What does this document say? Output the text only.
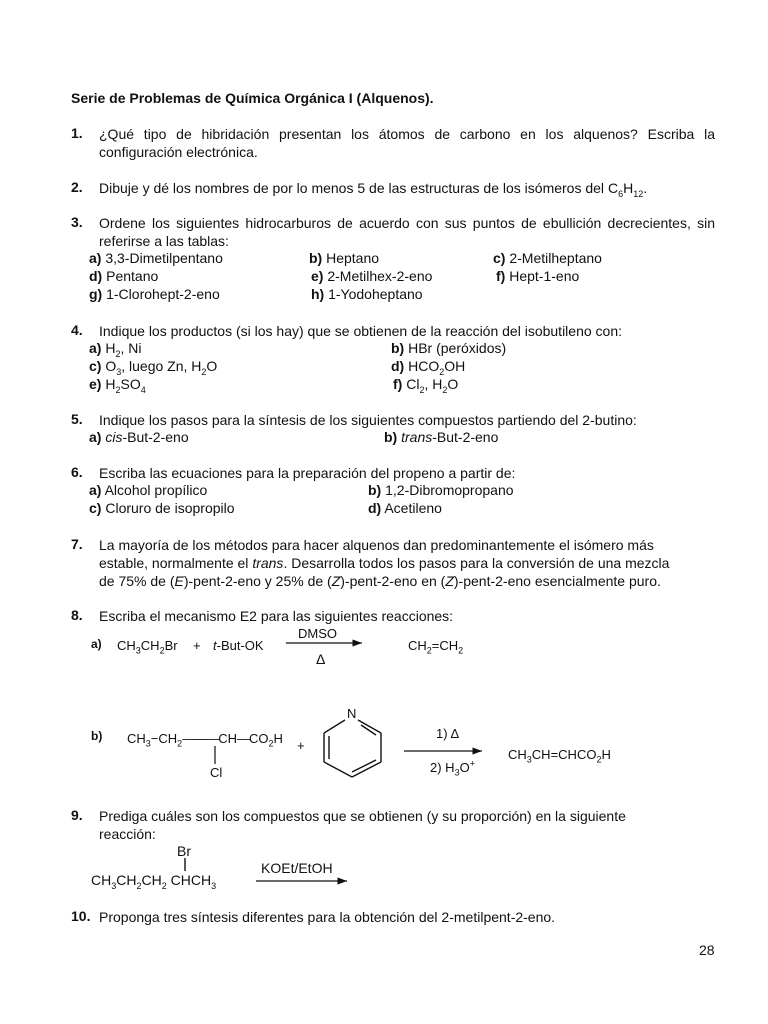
Serie de Problemas de Química Orgánica I (Alquenos).
1. ¿Qué tipo de hibridación presentan los átomos de carbono en los alquenos? Escriba la configuración electrónica.
2. Dibuje y dé los nombres de por lo menos 5 de las estructuras de los isómeros del $C_6H_{12}$.
3. Ordene los siguientes hidrocarburos de acuerdo con sus puntos de ebullición decrecientes, sin referirse a las tablas:
a) 3,3-Dimetilpentano	b) Heptano	c) 2-Metilheptano
d) Pentano	e) 2-Metilhex-2-eno	f) Hept-1-eno
g) 1-Clorohept-2-eno	h) 1-Yodoheptano
4. Indique los productos (si los hay) que se obtienen de la reacción del isobutileno con:
a) $H_2$, Ni	b) HBr (peróxidos)
c) $O_3$, luego Zn, $H_2O$	d) $HCO_2OH$
e) $H_2SO_4$	f) $Cl_2$, $H_2O$
5. Indique los pasos para la síntesis de los siguientes compuestos partiendo del 2-butino:
a) cis-But-2-eno	b) trans-But-2-eno
6. Escriba las ecuaciones para la preparación del propeno a partir de:
a) Alcohol propílico	b) 1,2-Dibromopropano
c) Cloruro de isopropilo	d) Acetileno
7. La mayoría de los métodos para hacer alquenos dan predominantemente el isómero más
estable, normalmente el trans. Desarrolla todos los pasos para la conversión de una mezcla
de 75% de (E)-pent-2-eno y 25% de (Z)-pent-2-eno en (Z)-pent-2-eno esencialmente puro.
8. Escriba el mecanismo E2 para las siguientes reacciones:
a) $CH_3CH_2Br + t-But-OK$
DMSO
Δ
$CH_2=CH_2$
b) $CH_3-CH_2———CH—CO_2H$
Cl
+
N
1) Δ
2) $H_3O^+$
$CH_3CH=CHCO_2H$
9. Prediga cuáles son los compuestos que se obtienen (y su proporción) en la siguiente
reacción:
Br
$CH_3CH_2CH_2$ $CHCH_3$
KOEt/EtOH
10. Proponga tres síntesis diferentes para la obtención del 2-metilpent-2-eno.
28
